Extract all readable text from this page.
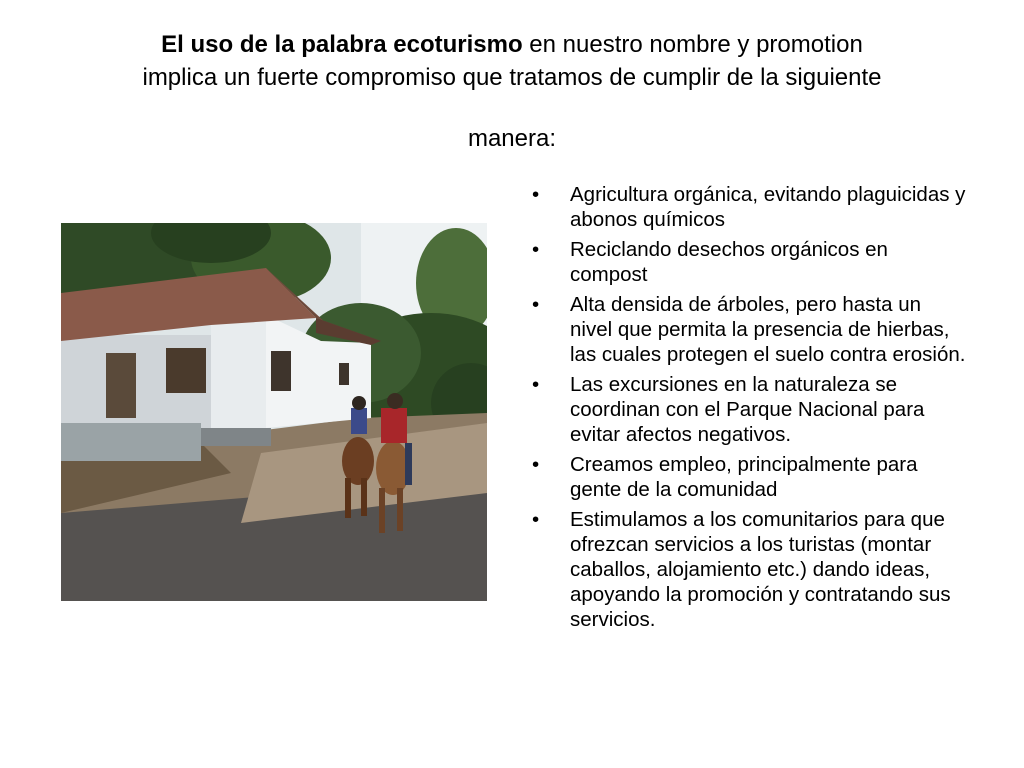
El uso de la palabra ecoturismo en nuestro nombre y promotion
implica un fuerte compromiso que tratamos de cumplir de la siguiente
manera:
• Agricultura orgánica, evitando plaguicidas y abonos químicos
• Reciclando desechos orgánicos en compost
• Alta densida de árboles, pero hasta un nivel que permita la presencia de hierbas, las cuales protegen el suelo contra erosión.
• Las excursiones en la naturaleza se coordinan con el Parque Nacional para evitar afectos negativos.
• Creamos empleo, principalmente para gente de la comunidad
• Estimulamos a los comunitarios para que ofrezcan servicios a los turistas (montar caballos, alojamiento etc.) dando ideas, apoyando la promoción y contratando sus servicios.
